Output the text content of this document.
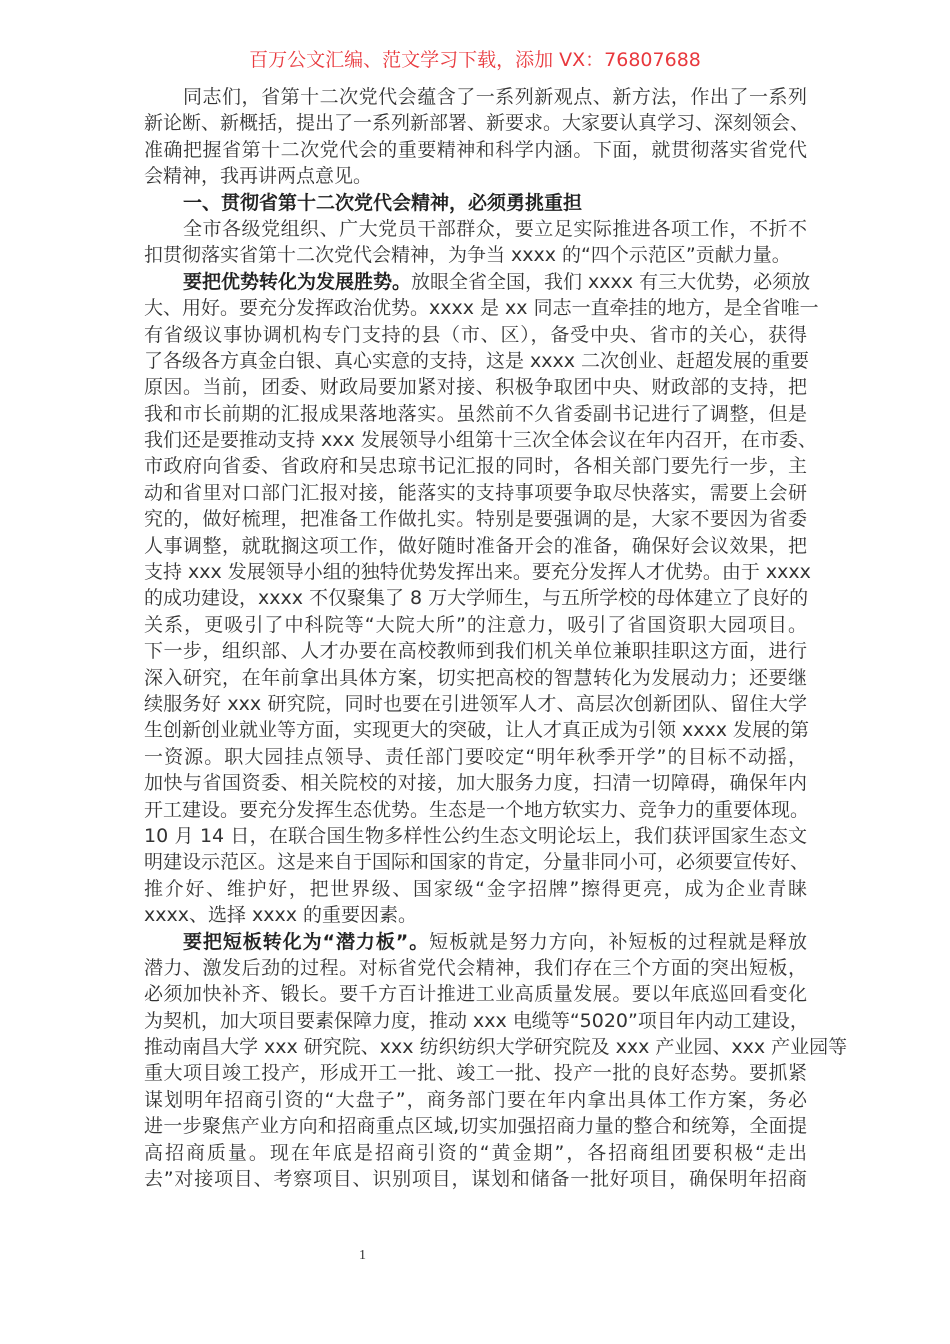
百万公文汇编、范文学习下载，添加 VX：76807688
同志们，省第十二次党代会蕴含了一系列新观点、新方法，作出了一系列
新论断、新概括，提出了一系列新部署、新要求。大家要认真学习、深刻领会、
准确把握省第十二次党代会的重要精神和科学内涵。下面，就贯彻落实省党代
会精神，我再讲两点意见。
一、贯彻省第十二次党代会精神，必须勇挑重担
全市各级党组织、广大党员干部群众，要立足实际推进各项工作，不折不
扣贯彻落实省第十二次党代会精神，为争当 xxxx 的“四个示范区”贡献力量。
要把优势转化为发展胜势。放眼全省全国，我们 xxxx 有三大优势，必须放
大、用好。要充分发挥政治优势。xxxx 是 xx 同志一直牵挂的地方，是全省唯一
有省级议事协调机构专门支持的县（市、区），备受中央、省市的关心，获得
了各级各方真金白银、真心实意的支持，这是 xxxx 二次创业、赶超发展的重要
原因。当前，团委、财政局要加紧对接、积极争取团中央、财政部的支持，把
我和市长前期的汇报成果落地落实。虽然前不久省委副书记进行了调整，但是
我们还是要推动支持 xxx 发展领导小组第十三次全体会议在年内召开，在市委、
市政府向省委、省政府和吴忠琼书记汇报的同时，各相关部门要先行一步，主
动和省里对口部门汇报对接，能落实的支持事项要争取尽快落实，需要上会研
究的，做好梳理，把准备工作做扎实。特别是要强调的是，大家不要因为省委
人事调整，就耽搁这项工作，做好随时准备开会的准备，确保好会议效果，把
支持 xxx 发展领导小组的独特优势发挥出来。要充分发挥人才优势。由于 xxxx
的成功建设，xxxx 不仅聚集了 8 万大学师生，与五所学校的母体建立了良好的
关系，更吸引了中科院等“大院大所”的注意力，吸引了省国资职大园项目。
下一步，组织部、人才办要在高校教师到我们机关单位兼职挂职这方面，进行
深入研究，在年前拿出具体方案，切实把高校的智慧转化为发展动力；还要继
续服务好 xxx 研究院，同时也要在引进领军人才、高层次创新团队、留住大学
生创新创业就业等方面，实现更大的突破，让人才真正成为引领 xxxx 发展的第
一资源。职大园挂点领导、责任部门要咬定“明年秋季开学”的目标不动摇，
加快与省国资委、相关院校的对接，加大服务力度，扫清一切障碍，确保年内
开工建设。要充分发挥生态优势。生态是一个地方软实力、竞争力的重要体现。
10 月 14 日，在联合国生物多样性公约生态文明论坛上，我们获评国家生态文
明建设示范区。这是来自于国际和国家的肯定，分量非同小可，必须要宣传好、
推介好、维护好，把世界级、国家级“金字招牌”擦得更亮，成为企业青睐
xxxx、选择 xxxx 的重要因素。
要把短板转化为“潜力板”。短板就是努力方向，补短板的过程就是释放
潜力、激发后劲的过程。对标省党代会精神，我们存在三个方面的突出短板，
必须加快补齐、锻长。要千方百计推进工业高质量发展。要以年底巡回看变化
为契机，加大项目要素保障力度，推动 xxx 电缆等“5020”项目年内动工建设，
推动南昌大学 xxx 研究院、xxx 纺织纺织大学研究院及 xxx 产业园、xxx 产业园等
重大项目竣工投产，形成开工一批、竣工一批、投产一批的良好态势。要抓紧
谋划明年招商引资的“大盘子”，商务部门要在年内拿出具体工作方案，务必
进一步聚焦产业方向和招商重点区域,切实加强招商力量的整合和统筹，全面提
高招商质量。现在年底是招商引资的“黄金期”，各招商组团要积极“走出
去”对接项目、考察项目、识别项目，谋划和储备一批好项目，确保明年招商
1
